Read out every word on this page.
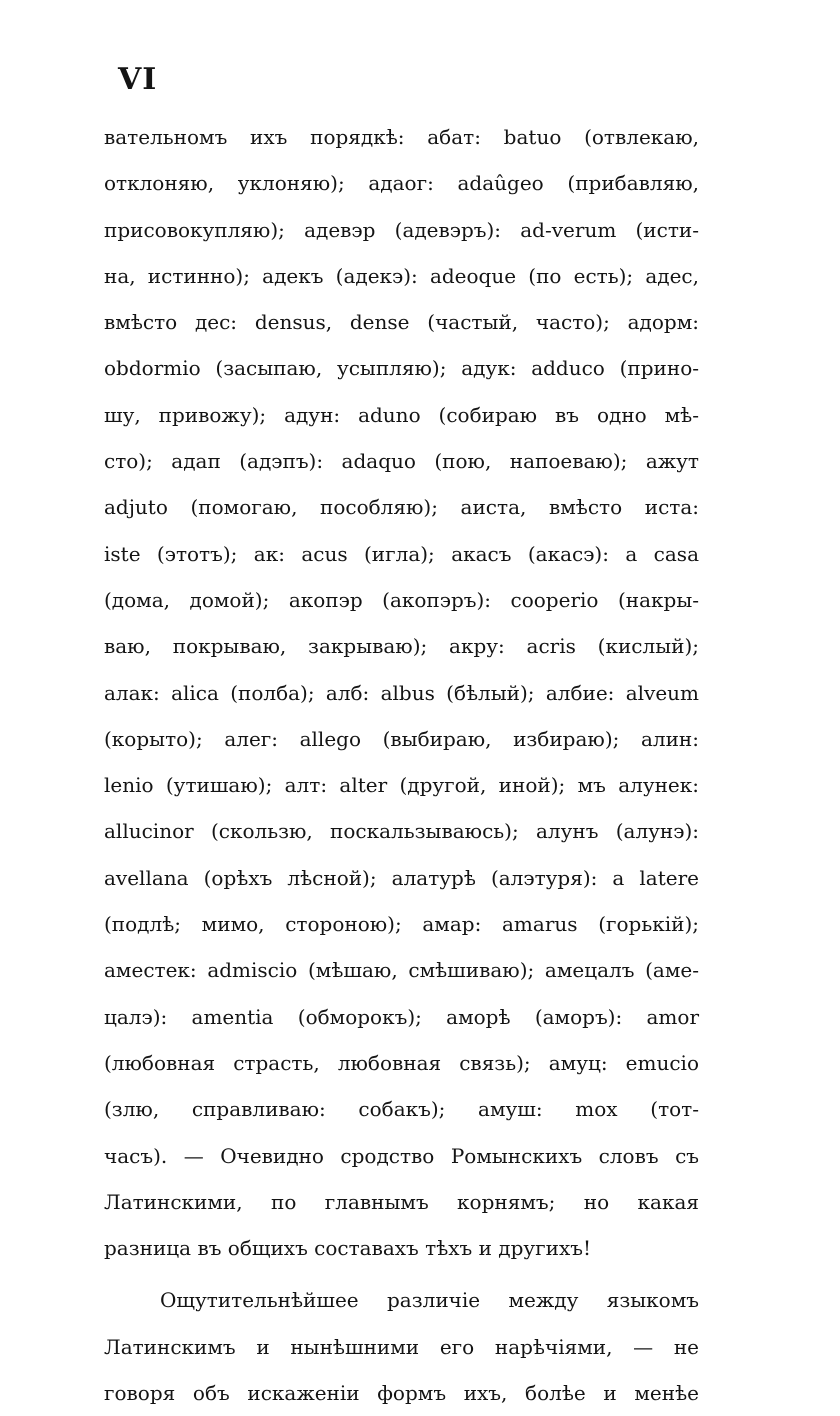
VI
вательномъ ихъ порядкѣ: абат: batuo (отвлекаю,
отклоняю, уклоняю); адаог: adaûgeo (прибавляю,
присовокупляю); адевэр (адевэръ): ad-verum (исти-
на, истинно); адекъ (адекэ): adeoque (по есть); адес,
вмѣсто дес: densus, dense (частый, часто); адорм:
obdormio (засыпаю, усыпляю); адук: adduco (прино-
шу, привожу); адун: aduno (собираю въ одно мѣ-
сто); адап (адэпъ): adaquo (пою, напоеваю); ажут
adjuto (помогаю, пособляю); аиста, вмѣсто иста:
iste (этотъ); ак: acus (игла); акасъ (акасэ): a casa
(дома, домой); акопэр (акопэръ): cooperio (накры-
ваю, покрываю, закрываю); акру: acris (кислый);
алак: alica (полба); алб: albus (бѣлый); албие: alveum
(корыто); алег: allego (выбираю, избираю); алин:
lenio (утишаю); алт: alter (другой, иной); мъ алунек:
allucinor (скользю, поскальзываюсь); алунъ (алунэ):
avellana (орѣхъ лѣсной); алатурѣ (алэтуря): a latere
(подлѣ; мимо, стороною); амар: amarus (горькій);
аместек: admiscio (мѣшаю, смѣшиваю); амецалъ (аме-
цалэ): amentia (обморокъ); аморѣ (аморъ): amor
(любовная страсть, любовная связь); амуц: emucio
(злю, справливаю: собакъ); амуш: mox (тот-
часъ). — Очевидно сродство Ромынскихъ словъ съ
Латинскими, по главнымъ корнямъ; но какая
разница въ общихъ составахъ тѣхъ и другихъ!
Ощутительнѣйшее различіе между языкомъ
Латинскимъ и нынѣшними его нарѣчіями, — не
говоря объ искаженіи формъ ихъ, болѣе и менѣе
